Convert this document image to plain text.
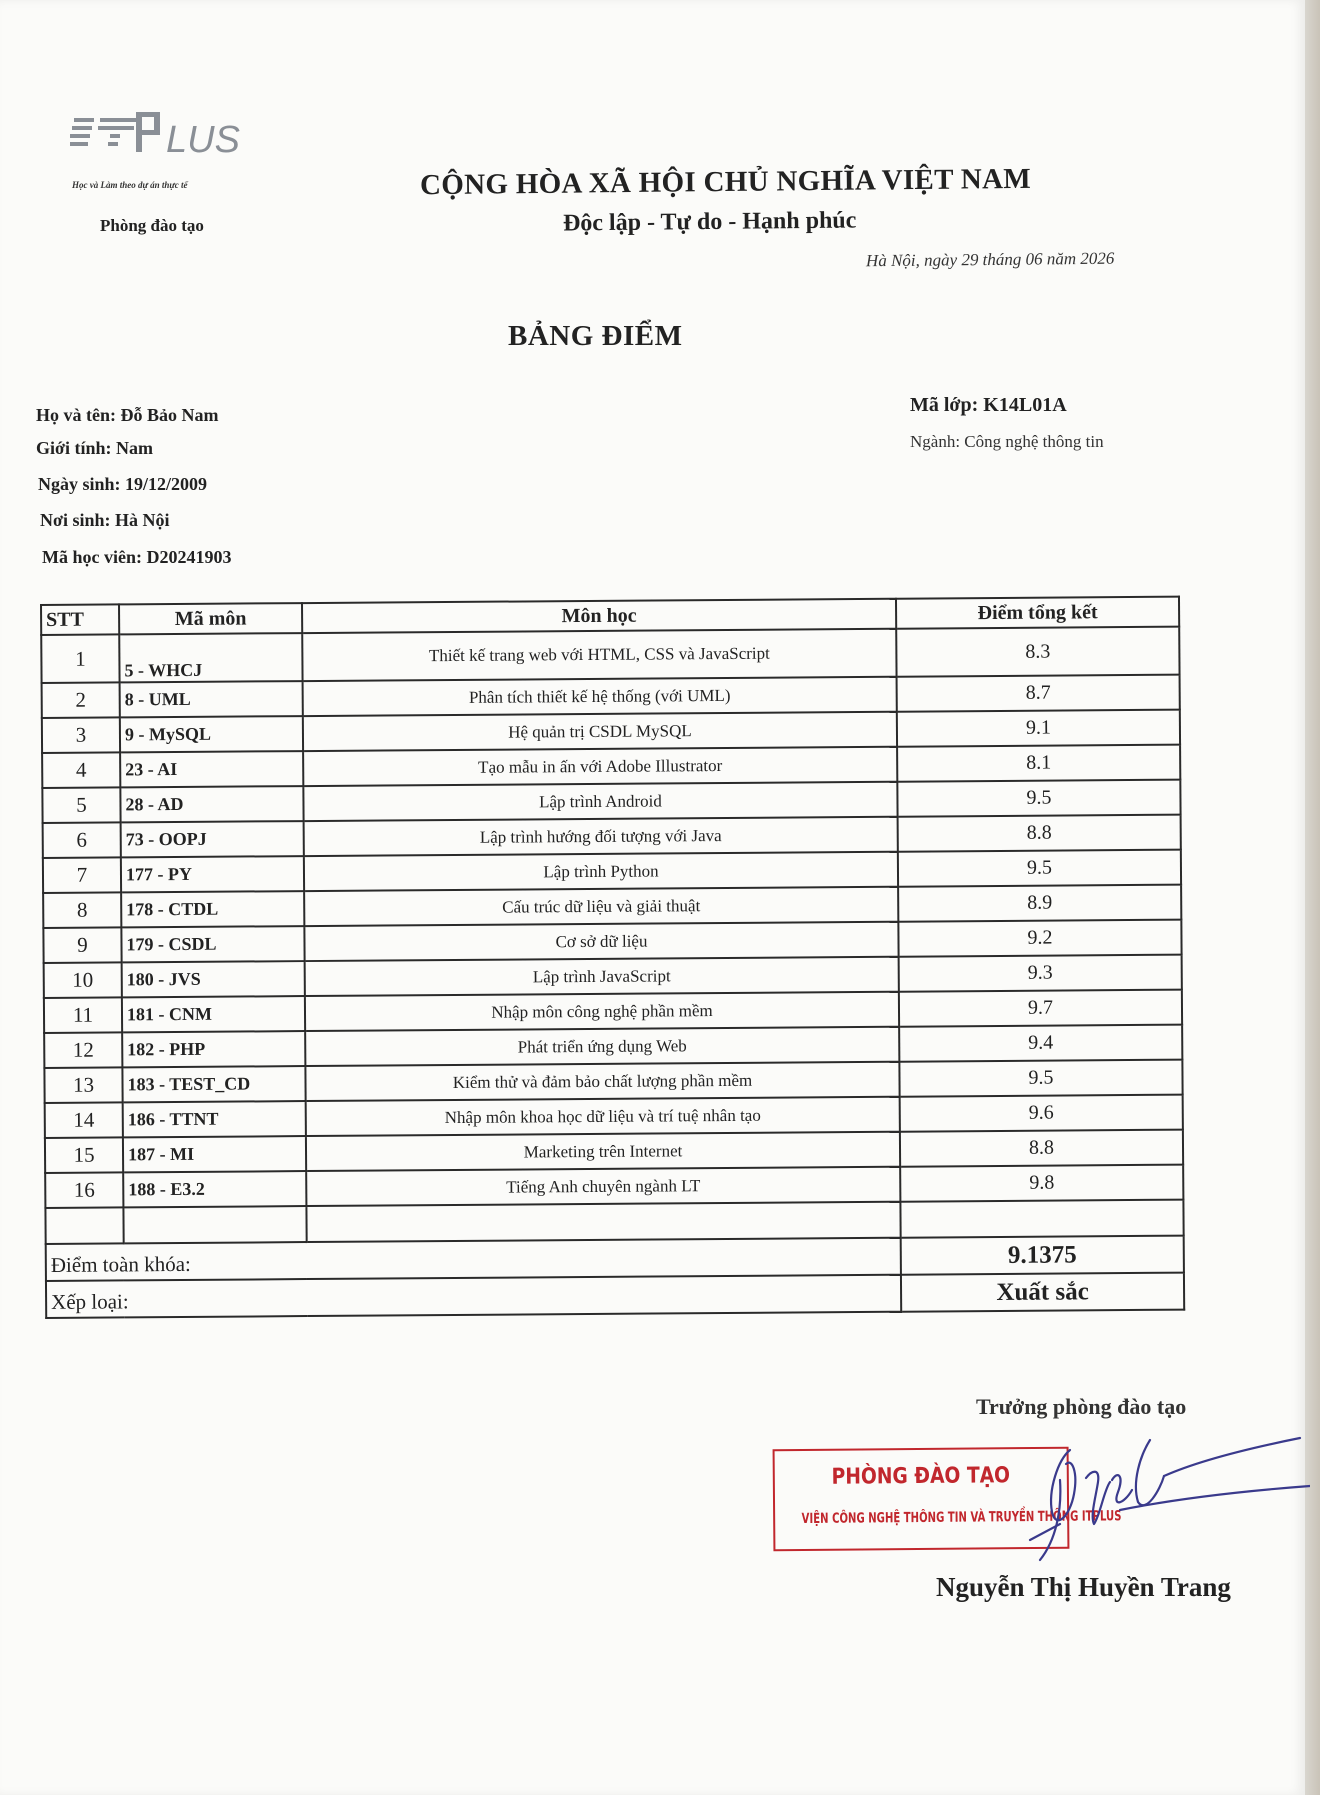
LUS
Học và Làm theo dự án thực tế
Phòng đào tạo
CỘNG HÒA XÃ HỘI CHỦ NGHĨA VIỆT NAM
Độc lập - Tự do - Hạnh phúc
Hà Nội, ngày 29 tháng 06 năm 2026
BẢNG ĐIỂM
Họ và tên: Đỗ Bảo Nam
Giới tính: Nam
Ngày sinh: 19/12/2009
Nơi sinh: Hà Nội
Mã học viên: D20241903
Mã lớp: K14L01A
Ngành: Công nghệ thông tin
STT	Mã môn	Môn học	Điểm tổng kết
1	5 - WHCJ	Thiết kế trang web với HTML, CSS và JavaScript	8.3
2	8 - UML	Phân tích thiết kế hệ thống (với UML)	8.7
3	9 - MySQL	Hệ quản trị CSDL MySQL	9.1
4	23 - AI	Tạo mẫu in ấn với Adobe Illustrator	8.1
5	28 - AD	Lập trình Android	9.5
6	73 - OOPJ	Lập trình hướng đối tượng với Java	8.8
7	177 - PY	Lập trình Python	9.5
8	178 - CTDL	Cấu trúc dữ liệu và giải thuật	8.9
9	179 - CSDL	Cơ sở dữ liệu	9.2
10	180 - JVS	Lập trình JavaScript	9.3
11	181 - CNM	Nhập môn công nghệ phần mềm	9.7
12	182 - PHP	Phát triển ứng dụng Web	9.4
13	183 - TEST_CD	Kiểm thử và đảm bảo chất lượng phần mềm	9.5
14	186 - TTNT	Nhập môn khoa học dữ liệu và trí tuệ nhân tạo	9.6
15	187 - MI	Marketing trên Internet	8.8
16	188 - E3.2	Tiếng Anh chuyên ngành LT	9.8

Điểm toàn khóa:			9.1375
Xếp loại:			Xuất sắc
Trưởng phòng đào tạo
PHÒNG ĐÀO TẠO
VIỆN CÔNG NGHỆ THÔNG TIN VÀ TRUYỀN THÔNG ITPLUS
Nguyễn Thị Huyền Trang
